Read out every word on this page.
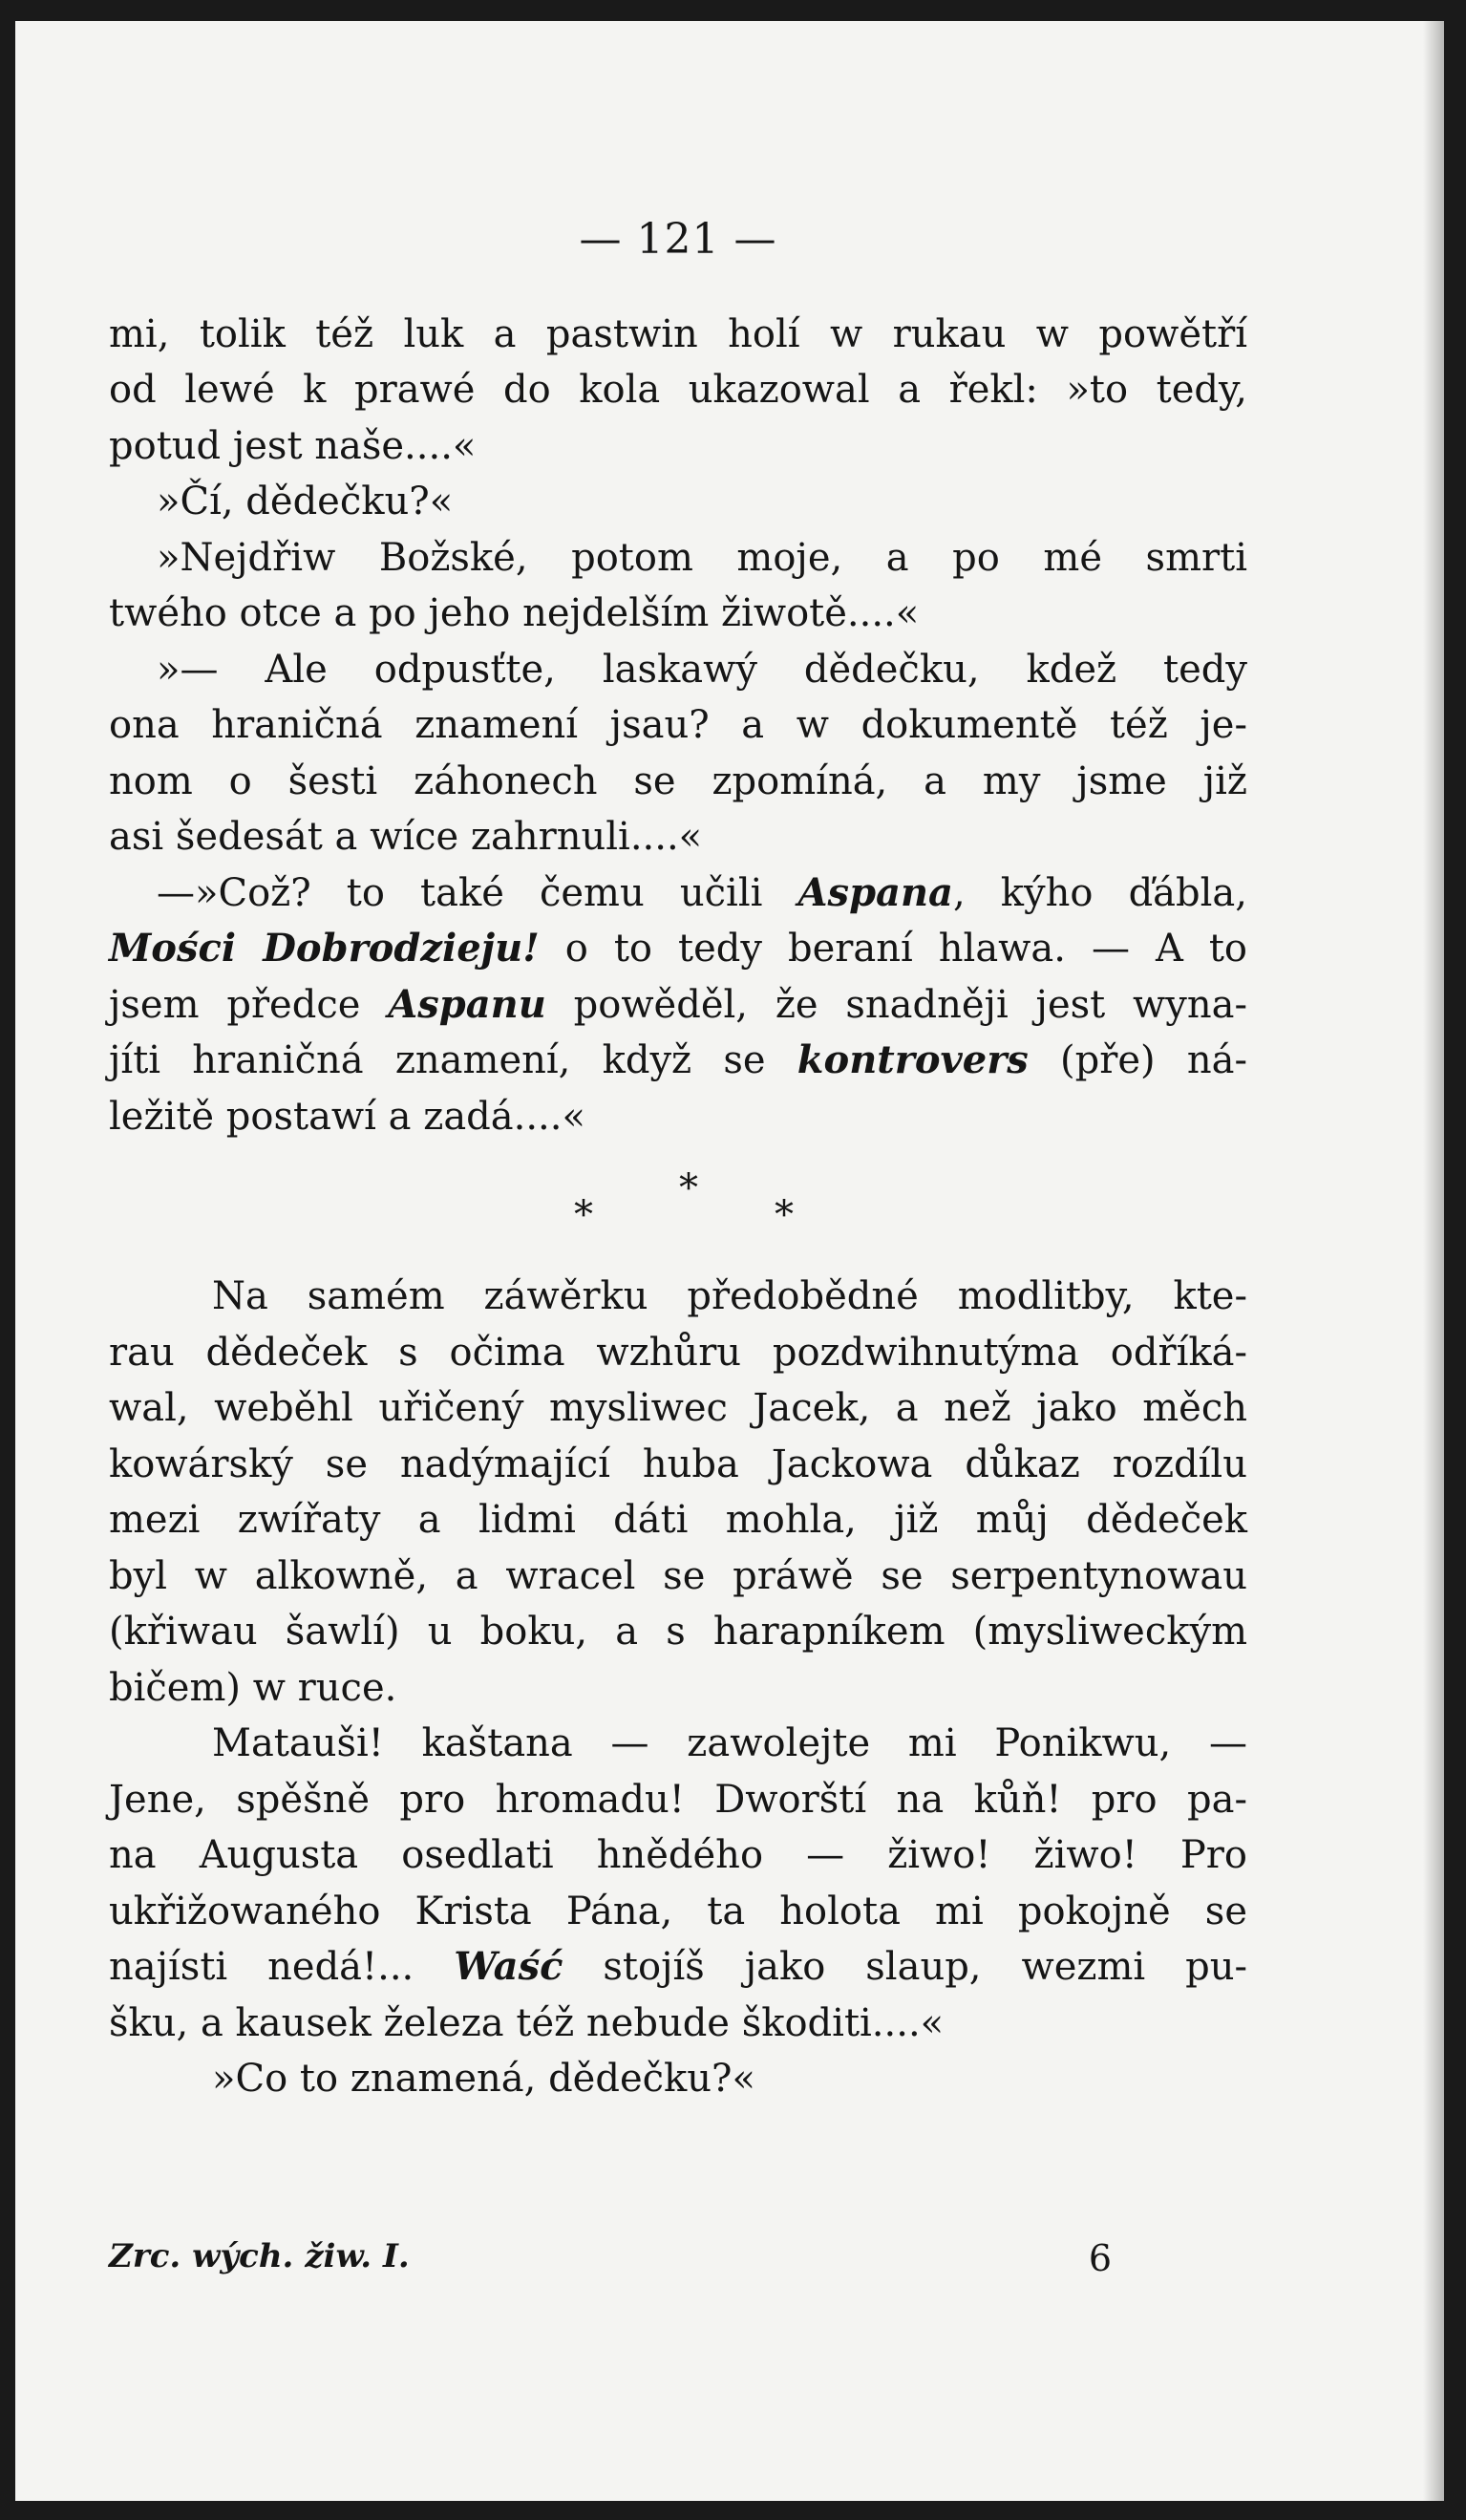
— 121 —
mi, tolik též luk a pastwin holí w rukau w powětří
od lewé k prawé do kola ukazowal a řekl: »to tedy,
potud jest naše....«
»Čí, dědečku?«
»Nejdřiw Božské, potom moje, a po mé smrti
twého otce a po jeho nejdelším žiwotě....«
»— Ale odpusťte, laskawý dědečku, kdež tedy
ona hraničná znamení jsau? a w dokumentě též je-
nom o šesti záhonech se zpomíná, a my jsme již
asi šedesát a wíce zahrnuli....«
—»Což? to také čemu učili Aspana, kýho ďábla,
Mości Dobrodzieju! o to tedy beraní hlawa. — A to
jsem předce Aspanu powěděl, že snadněji jest wyna-
jíti hraničná znamení, když se kontrovers (pře) ná-
ležitě postawí a zadá....«
*
*
*
Na samém záwěrku předobědné modlitby, kte-
rau dědeček s očima wzhůru pozdwihnutýma odříká-
wal, weběhl uřičený mysliwec Jacek, a než jako měch
kowárský se nadýmající huba Jackowa důkaz rozdílu
mezi zwířaty a lidmi dáti mohla, již můj dědeček
byl w alkowně, a wracel se práwě se serpentynowau
(křiwau šawlí) u boku, a s harapníkem (mysliweckým
bičem) w ruce.
Matauši! kaštana — zawolejte mi Ponikwu, —
Jene, spěšně pro hromadu! Dworští na kůň! pro pa-
na Augusta osedlati hnědého — žiwo! žiwo! Pro
ukřižowaného Krista Pána, ta holota mi pokojně se
najísti nedá!... Waść stojíš jako slaup, wezmi pu-
šku, a kausek železa též nebude škoditi....«
»Co to znamená, dědečku?«
Zrc. wých. žiw. I.	6
